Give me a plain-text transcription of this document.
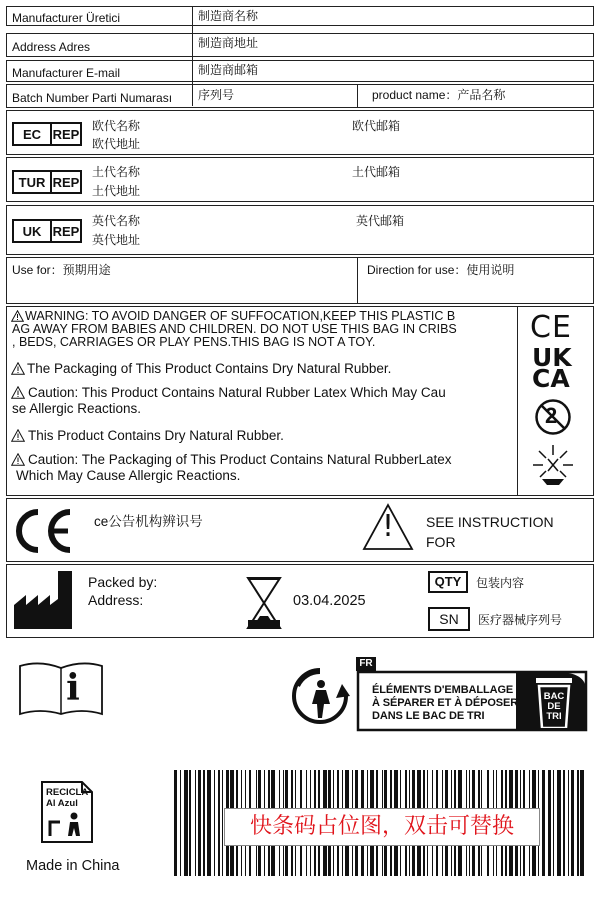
Manufacturer Üretici	制造商名称
Address Adres	制造商地址
Manufacturer E-mail	制造商邮箱
Batch Number Parti Numarası 序列号	product name：产品名称
EC REP
欧代名称
欧代地址
欧代邮箱
TUR REP
土代名称
土代地址
土代邮箱
UK REP
英代名称
英代地址
英代邮箱
Use for：预期用途	Direction for use：使用说明
WARNING: TO AVOID DANGER OF SUFFOCATION,KEEP THIS PLASTIC B
AG AWAY FROM BABIES AND CHILDREN. DO NOT USE THIS BAG IN CRIBS
, BEDS, CARRIAGES OR PLAY PENS.THIS BAG IS NOT A TOY.
The Packaging of This Product Contains Dry Natural Rubber.
Caution: This Product Contains Natural Rubber Latex Which May Cau
se Allergic Reactions.
This Product Contains Dry Natural Rubber.
Caution: The Packaging of This Product Contains Natural RubberLatex
Which May Cause Allergic Reactions.
CE
UK
CA
2
ce公告机构辨识号	! SEE INSTRUCTION
FOR
Packed by:
Address:	03.04.2025
QTY	包装内容
SN	医疗器械序列号
i
FR
ÉLÉMENTS D'EMBALLAGE
À SÉPARER ET À DÉPOSER
DANS LE BAC DE TRI
BAC
DE
TRI
RECICLA
Al Azul
Made in China
快条码占位图，双击可替换
